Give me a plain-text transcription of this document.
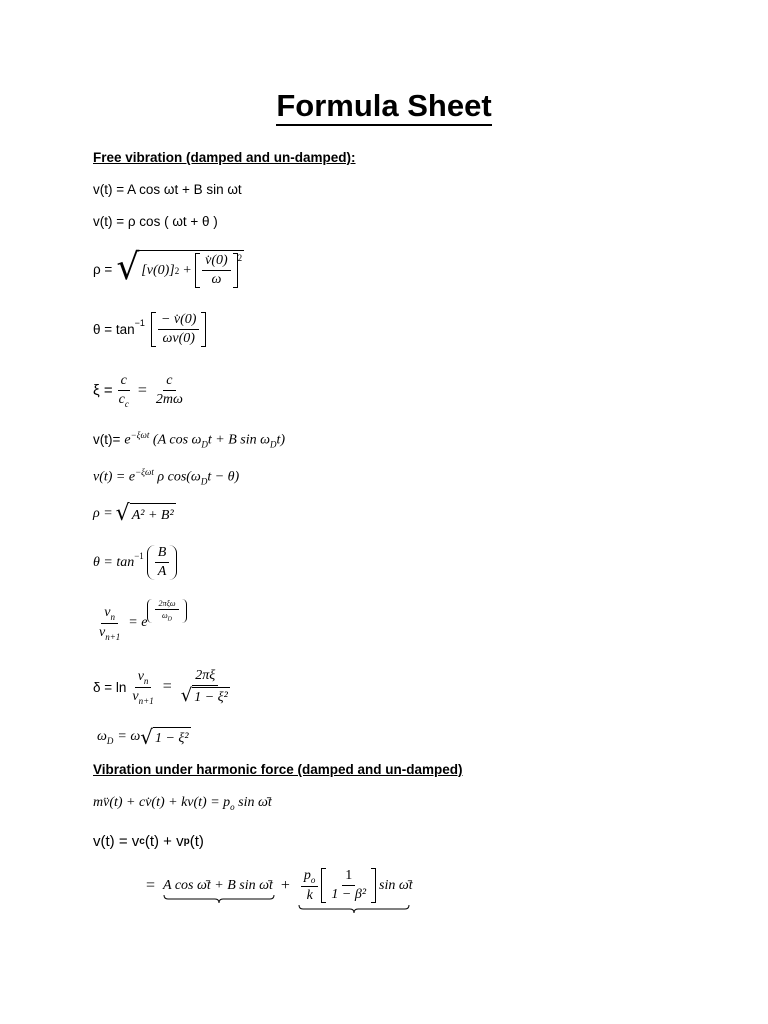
Formula Sheet
Free vibration (damped and un-damped):
v(t) = A cos ωt + B sin ωt
v(t) = ρ cos ( ωt + θ )
ρ = √ [v(0)] $2 + \frac{v̇(0)}{\omega} ^2$
$\theta = \tan^{-1} \frac{- v̇(0)}{\omega v(0)}$
$\xi = \frac{c}{c_c} = \frac{c}{2m\omega}$
$v(t)= e^{-\xi\omega t}$ (A $\cos \omega_Dt + B$ $\sin \omega_Dt$)
$v(t) = e^{-\xi\omega t}$ ρ $\cos(\omega_Dt - \theta)$
ρ = √ A² + B²
$\theta = \tan^{-1} \frac{B}{A}$
$\frac{v_n}{v_{n+1}} = e$
$\frac{\text{2πξω}}{\omega_D}$
$\delta = \ln \frac{v_n}{v_{n+1}} = \frac{2\pi\xi}{\text{√ 1 − ξ²}}$
$\omega_D = \omega$ √ 1 − ξ²
Vibration under harmonic force (damped and un-damped)
mv̈(t) + cv̇(t) + $kv(t) = p_o$ sin ω̄t
v(t) = v c (t) + v p (t)
= A cos ω̄t + B sin ω̄t + $\frac{p_o}{k} \frac{1}{\text{1 − β²}}$ sin ω̄t
